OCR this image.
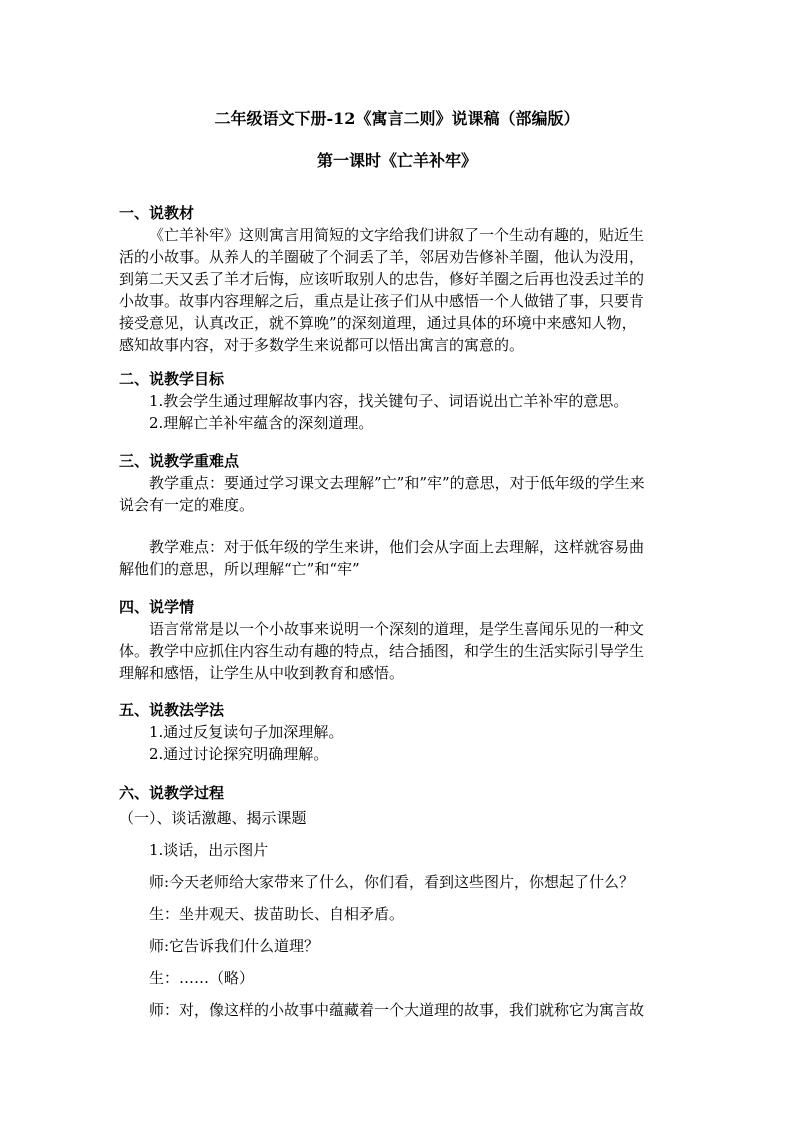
二年级语文下册-12《寓言二则》说课稿（部编版）
第一课时《亡羊补牢》
一、说教材
《亡羊补牢》这则寓言用简短的文字给我们讲叙了一个生动有趣的，贴近生
活的小故事。从养人的羊圈破了个洞丢了羊，邻居劝告修补羊圈，他认为没用，
到第二天又丢了羊才后悔，应该听取别人的忠告，修好羊圈之后再也没丢过羊的
小故事。故事内容理解之后，重点是让孩子们从中感悟一个人做错了事，只要肯
接受意见，认真改正，就不算晚”的深刻道理，通过具体的环境中来感知人物，
感知故事内容，对于多数学生来说都可以悟出寓言的寓意的。
二、说教学目标
1.教会学生通过理解故事内容，找关键句子、词语说出亡羊补牢的意思。
2.理解亡羊补牢蕴含的深刻道理。
三、说教学重难点
教学重点：要通过学习课文去理解”亡”和”牢”的意思，对于低年级的学生来
说会有一定的难度。
教学难点：对于低年级的学生来讲，他们会从字面上去理解，这样就容易曲
解他们的意思，所以理解“亡”和“牢”
四、说学情
语言常常是以一个小故事来说明一个深刻的道理，是学生喜闻乐见的一种文
体。教学中应抓住内容生动有趣的特点，结合插图，和学生的生活实际引导学生
理解和感悟，让学生从中收到教育和感悟。
五、说教法学法
1.通过反复读句子加深理解。
2.通过讨论探究明确理解。
六、说教学过程
（一）、谈话激趣、揭示课题
1.谈话，出示图片
师:今天老师给大家带来了什么，你们看，看到这些图片，你想起了什么？
生：坐井观天、拔苗助长、自相矛盾。
师:它告诉我们什么道理？
生：……（略）
师：对，像这样的小故事中蕴藏着一个大道理的故事，我们就称它为寓言故
